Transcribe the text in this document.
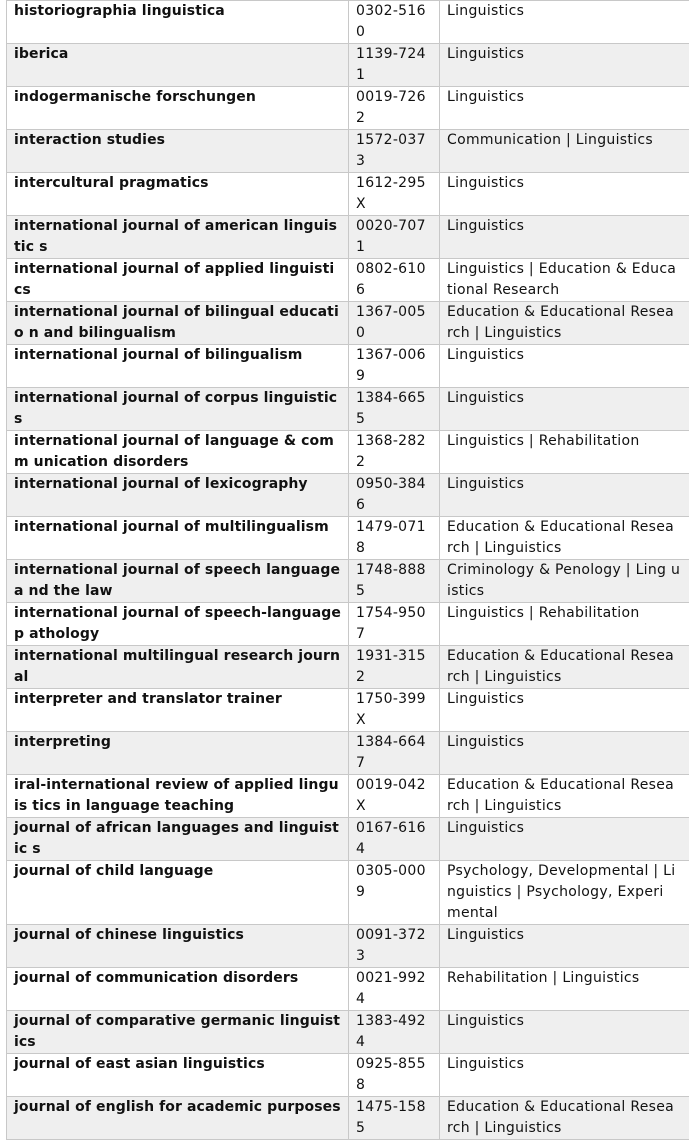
historiographia linguistica	0302-5160	Linguistics
iberica	1139-7241	Linguistics
indogermanische forschungen	0019-7262	Linguistics
interaction studies	1572-0373	Communication | Linguistics
intercultural pragmatics	1612-295X	Linguistics
international journal of american linguistic s	0020-7071	Linguistics
international journal of applied linguistics	0802-6106	Linguistics | Education & Educa tional Research
international journal of bilingual educatio n and bilingualism	1367-0050	Education & Educational Resea rch | Linguistics
international journal of bilingualism	1367-0069	Linguistics
international journal of corpus linguistics	1384-6655	Linguistics
international journal of language & comm unication disorders	1368-2822	Linguistics | Rehabilitation
international journal of lexicography	0950-3846	Linguistics
international journal of multilingualism	1479-0718	Education & Educational Resea rch | Linguistics
international journal of speech language a nd the law	1748-8885	Criminology & Penology | Ling uistics
international journal of speech-language p athology	1754-9507	Linguistics | Rehabilitation
international multilingual research journal	1931-3152	Education & Educational Resea rch | Linguistics
interpreter and translator trainer	1750-399X	Linguistics
interpreting	1384-6647	Linguistics
iral-international review of applied linguis tics in language teaching	0019-042X	Education & Educational Resea rch | Linguistics
journal of african languages and linguistic s	0167-6164	Linguistics
journal of child language	0305-0009	Psychology, Developmental | Li nguistics | Psychology, Experi mental
journal of chinese linguistics	0091-3723	Linguistics
journal of communication disorders	0021-9924	Rehabilitation | Linguistics
journal of comparative germanic linguistics	1383-4924	Linguistics
journal of east asian linguistics	0925-8558	Linguistics
journal of english for academic purposes	1475-1585	Education & Educational Resea rch | Linguistics
